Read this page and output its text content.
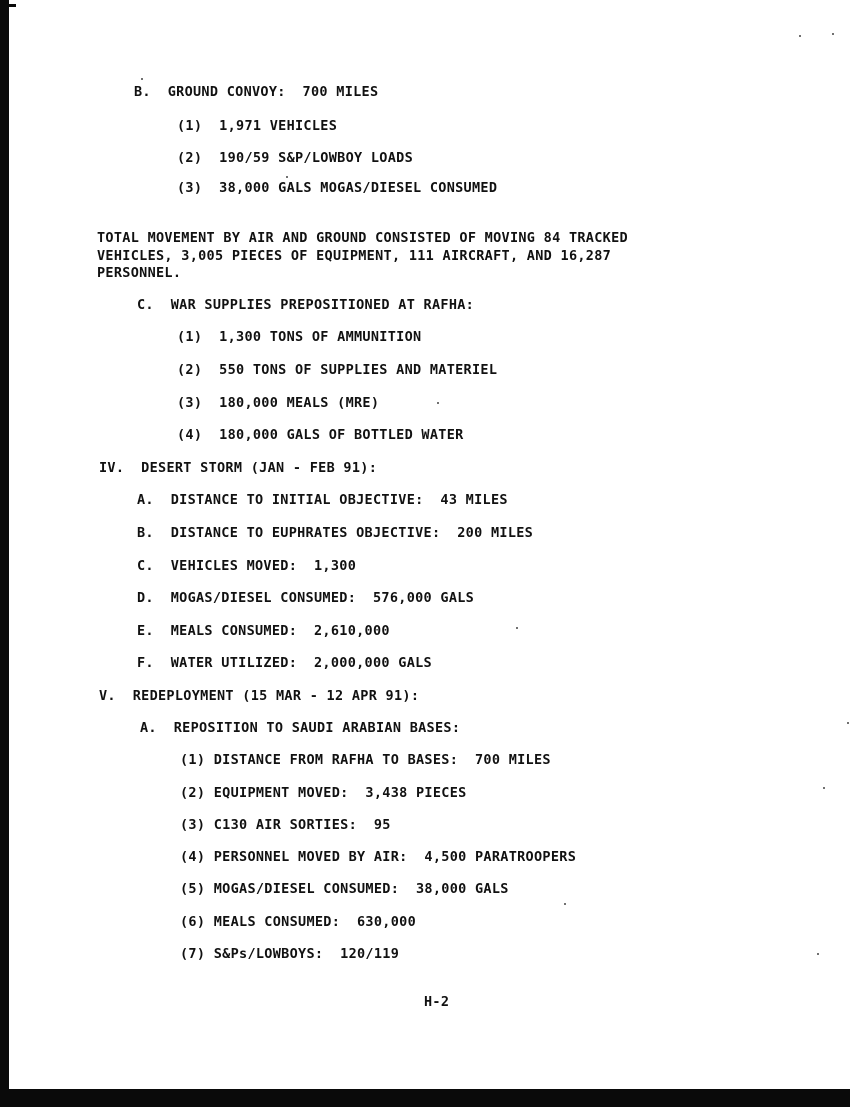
B. GROUND CONVOY:  700 MILES
(1) 1,971 VEHICLES
(2) 190/59 S&P/LOWBOY LOADS
(3) 38,000 GALS MOGAS/DIESEL CONSUMED
TOTAL MOVEMENT BY AIR AND GROUND CONSISTED OF MOVING 84 TRACKED
VEHICLES, 3,005 PIECES OF EQUIPMENT, 111 AIRCRAFT, AND 16,287
PERSONNEL.
C. WAR SUPPLIES PREPOSITIONED AT RAFHA:
(1) 1,300 TONS OF AMMUNITION
(2) 550 TONS OF SUPPLIES AND MATERIEL
(3) 180,000 MEALS (MRE)
(4) 180,000 GALS OF BOTTLED WATER
IV. DESERT STORM (JAN - FEB 91):
A. DISTANCE TO INITIAL OBJECTIVE:  43 MILES
B. DISTANCE TO EUPHRATES OBJECTIVE:  200 MILES
C. VEHICLES MOVED:  1,300
D. MOGAS/DIESEL CONSUMED:  576,000 GALS
E. MEALS CONSUMED:  2,610,000
F. WATER UTILIZED:  2,000,000 GALS
V. REDEPLOYMENT (15 MAR - 12 APR 91):
A. REPOSITION TO SAUDI ARABIAN BASES:
(1) DISTANCE FROM RAFHA TO BASES:  700 MILES
(2) EQUIPMENT MOVED:  3,438 PIECES
(3) C130 AIR SORTIES:  95
(4) PERSONNEL MOVED BY AIR:  4,500 PARATROOPERS
(5) MOGAS/DIESEL CONSUMED:  38,000 GALS
(6) MEALS CONSUMED:  630,000
(7) S&Ps/LOWBOYS:  120/119
H-2
